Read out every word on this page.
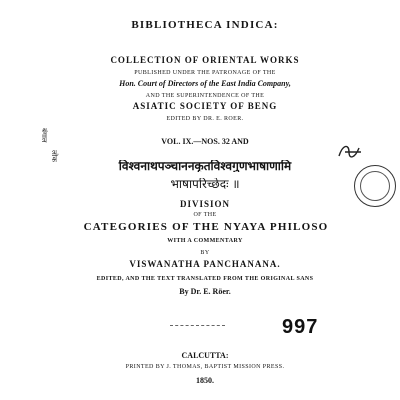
BIBLIOTHECA INDICA:
COLLECTION OF ORIENTAL WORKS
PUBLISHED UNDER THE PATRONAGE OF THE
Hon. Court of Directors of the East India Company,
AND THE SUPERINTENDENCE OF THE
ASIATIC SOCIETY OF BENG
EDITED BY DR. E. ROER.
VOL. IX.—NOS. 32 AND
विश्वनाथपञ्चाननकृतविश्वगुणभाषाणामि
भाषापरिच्छेदः ॥
DIVISION
OF THE
CATEGORIES OF THE NYAYA PHILOSO
WITH A COMMENTARY
BY
VISWANATHA PANCHANANA.
EDITED, AND THE TEXT TRANSLATED FROM THE ORIGINAL SANS
By Dr. E. Röer.
997
CALCUTTA:
PRINTED BY J. THOMAS, BAPTIST MISSION PRESS.
1850.
बंगाल
लोक
